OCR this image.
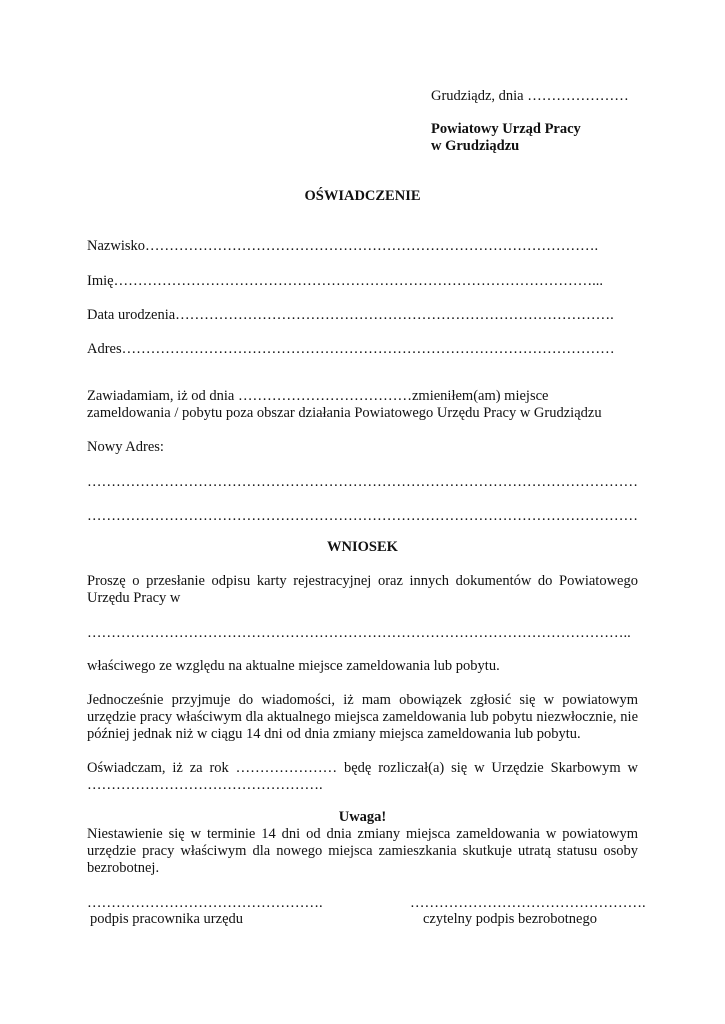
Grudziądz, dnia …………………
Powiatowy Urząd Pracy
w Grudziądzu
OŚWIADCZENIE
Nazwisko………………………………………………………………………………….
Imię………………………………………………………………………………………...
Data urodzenia……………………………………………………………………………….
Adres…………………………………………………………………………………………
Zawiadamiam, iż od dnia ………………………………zmieniłem(am) miejsce
zameldowania / pobytu poza obszar działania Powiatowego Urzędu Pracy w Grudziądzu
Nowy Adres:
……………………………………………………………………………………………………
……………………………………………………………………………………………………
WNIOSEK
Proszę o przesłanie odpisu karty rejestracyjnej oraz innych dokumentów do Powiatowego Urzędu Pracy w
…………………………………………………………………………………………………..
właściwego ze względu na aktualne miejsce zameldowania lub pobytu.
Jednocześnie przyjmuje do wiadomości, iż mam obowiązek zgłosić się w powiatowym urzędzie pracy właściwym dla aktualnego miejsca zameldowania lub pobytu niezwłocznie, nie później jednak niż w ciągu 14 dni od dnia zmiany miejsca zameldowania lub pobytu.
Oświadczam, iż za rok ………………… będę rozliczał(a) się w Urzędzie Skarbowym w ………………………………………….
Uwaga!
Niestawienie się w terminie 14 dni od dnia zmiany miejsca zameldowania w powiatowym urzędzie pracy właściwym dla nowego miejsca zamieszkania skutkuje utratą statusu osoby bezrobotnej.
………………………………………….
podpis pracownika urzędu
………………………………………….
czytelny podpis bezrobotnego
